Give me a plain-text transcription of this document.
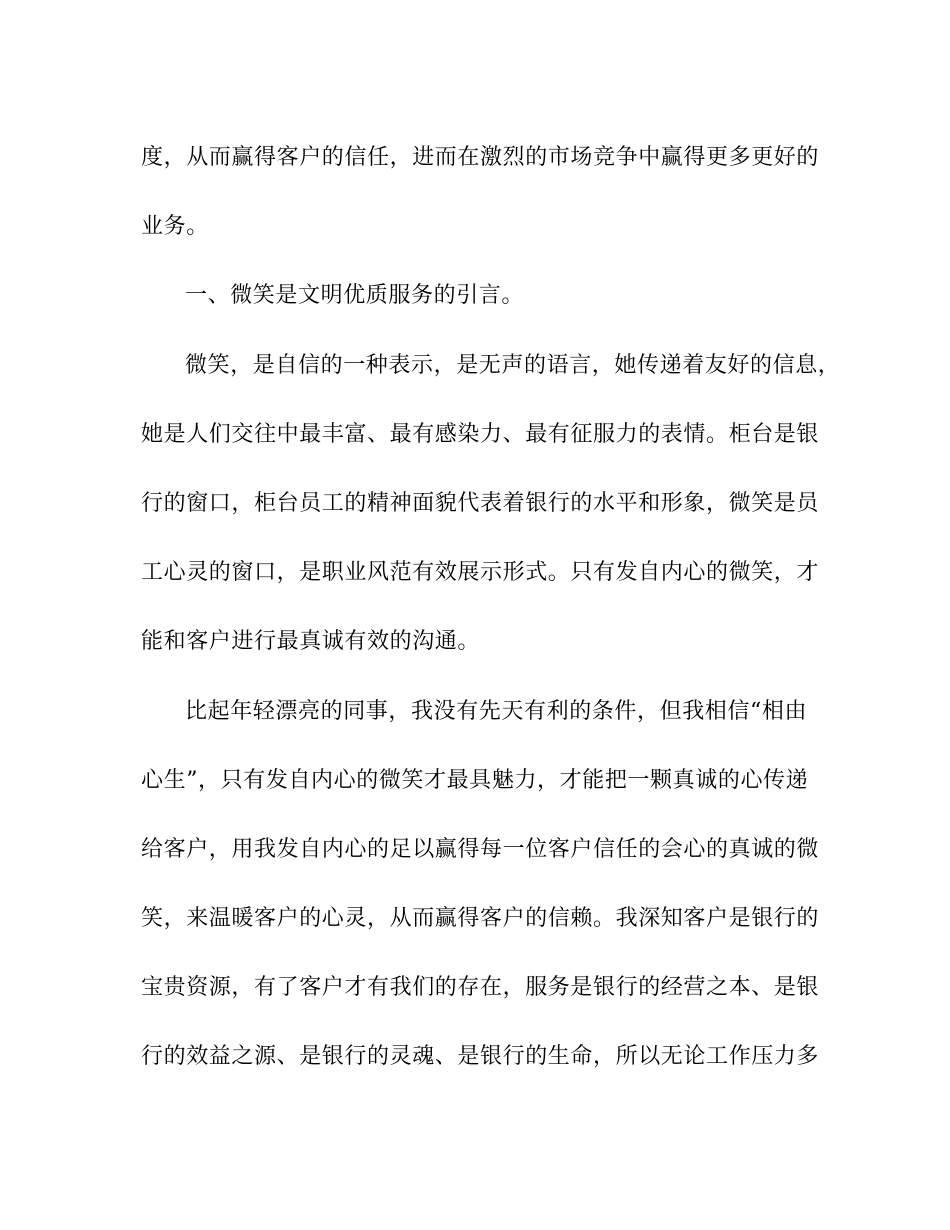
度，从而赢得客户的信任，进而在激烈的市场竞争中赢得更多更好的
业务。
一、微笑是文明优质服务的引言。
微笑，是自信的一种表示，是无声的语言，她传递着友好的信息，
她是人们交往中最丰富、最有感染力、最有征服力的表情。柜台是银
行的窗口，柜台员工的精神面貌代表着银行的水平和形象，微笑是员
工心灵的窗口，是职业风范有效展示形式。只有发自内心的微笑，才
能和客户进行最真诚有效的沟通。
比起年轻漂亮的同事，我没有先天有利的条件，但我相信“相由
心生”，只有发自内心的微笑才最具魅力，才能把一颗真诚的心传递
给客户，用我发自内心的足以赢得每一位客户信任的会心的真诚的微
笑，来温暖客户的心灵，从而赢得客户的信赖。我深知客户是银行的
宝贵资源，有了客户才有我们的存在，服务是银行的经营之本、是银
行的效益之源、是银行的灵魂、是银行的生命，所以无论工作压力多
